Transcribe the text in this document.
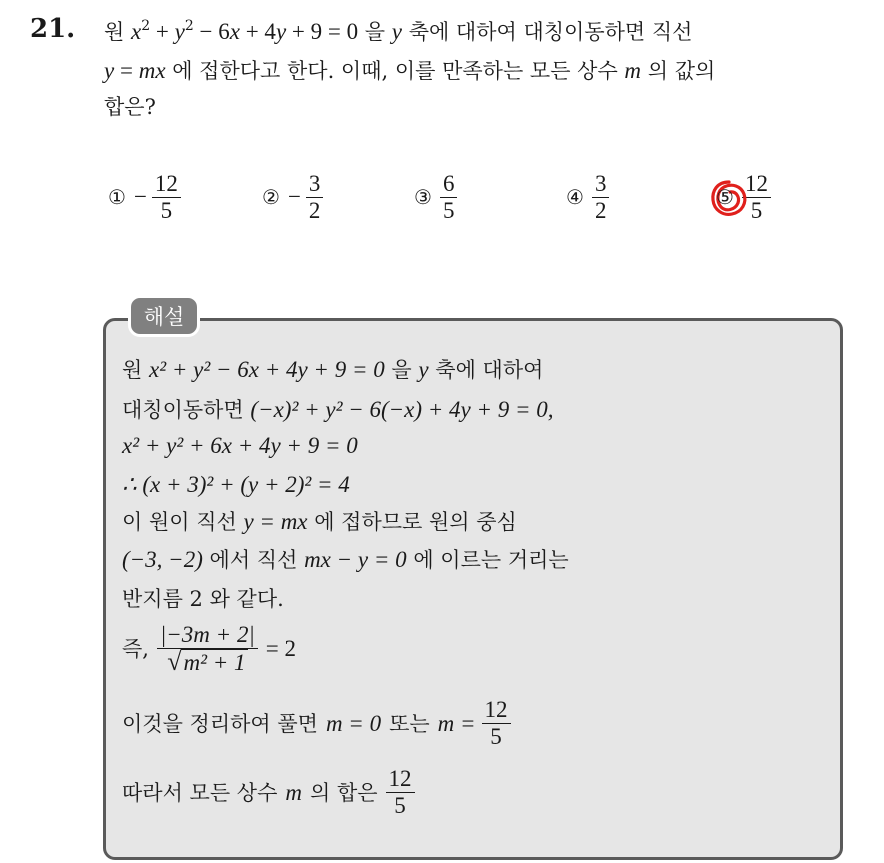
21. 원 $x^2 + y^2 - 6x + 4y + 9 = 0$ 을 y 축에 대하여 대칭이동하면 직선
y = mx 에 접한다고 한다. 이때, 이를 만족하는 모든 상수 m 의 값의
합은?
① − $\frac{12}{5}$	② − $\frac{3}{2}$	③ $\frac{6}{5}$	④ $\frac{3}{2}$	⑤ $\frac{12}{5}$
해설
원 x² + y² − 6x + 4y + 9 = 0 을 y 축에 대하여
대칭이동하면 (−x)² + y² − 6(−x) + 4y + 9 = 0,
x² + y² + 6x + 4y + 9 = 0
∴ (x + 3)² + (y + 2)² = 4
이 원이 직선 y = mx 에 접하므로 원의 중심
(−3, −2) 에서 직선 mx − y = 0 에 이르는 거리는
반지름 2 와 같다.
즉, $\frac{|-3m + 2|}{\text{√ m² + 1}} = 2$
이것을 정리하여 풀면 m = 0 또는 $m = \frac{12}{5}$
따라서 모든 상수 m 의 합은 $\frac{12}{5}$
